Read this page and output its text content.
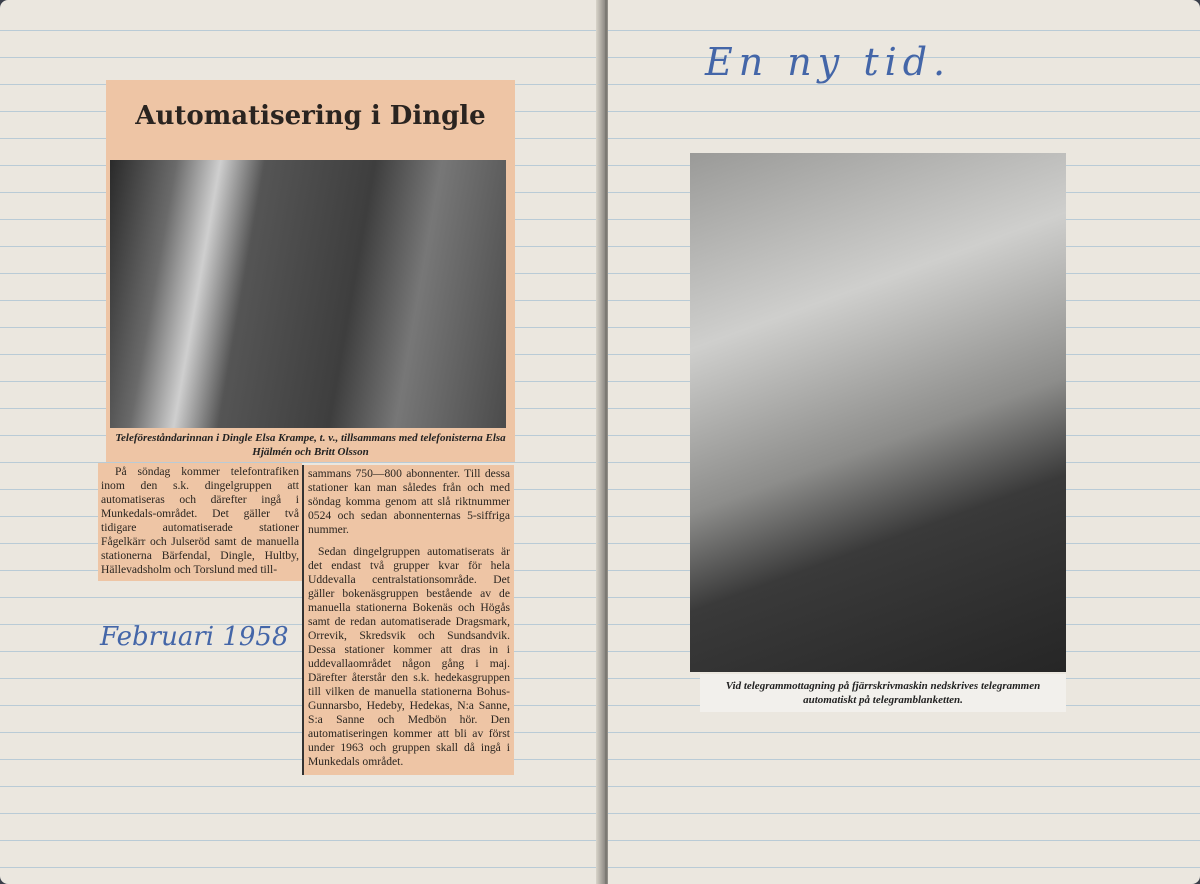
Automatisering i Dingle
Teleföreståndarinnan i Dingle Elsa Krampe, t. v., tillsammans med telefonisterna Elsa Hjälmén och Britt Olsson

På söndag kommer telefontrafiken inom den s.k. dingelgruppen att automatiseras och därefter ingå i Munkedals-området. Det gäller två tidigare automatiserade stationer Fågelkärr och Julseröd samt de manuella stationerna Bärfendal, Dingle, Hultby, Hällevadsholm och Torslund med till-

sammans 750—800 abonnenter. Till dessa stationer kan man således från och med söndag komma genom att slå riktnummer 0524 och sedan abonnenternas 5-siffriga nummer.

Sedan dingelgruppen automatiserats är det endast två grupper kvar för hela Uddevalla centralstationsområde. Det gäller bokenäsgruppen bestående av de manuella stationerna Bokenäs och Högås samt de redan automatiserade Dragsmark, Orrevik, Skredsvik och Sundsandvik. Dessa stationer kommer att dras in i uddevallaområdet någon gång i maj. Därefter återstår den s.k. hedekasgruppen till vilken de manuella stationerna Bohus-Gunnarsbo, Hedeby, Hedekas, N:a Sanne, S:a Sanne och Medbön hör. Den automatiseringen kommer att bli av först under 1963 och gruppen skall då ingå i Munkedals området.

Februari 1958
En ny tid.
Vid telegrammottagning på fjärrskrivmaskin nedskrives telegrammen automatiskt på telegramblanketten.
